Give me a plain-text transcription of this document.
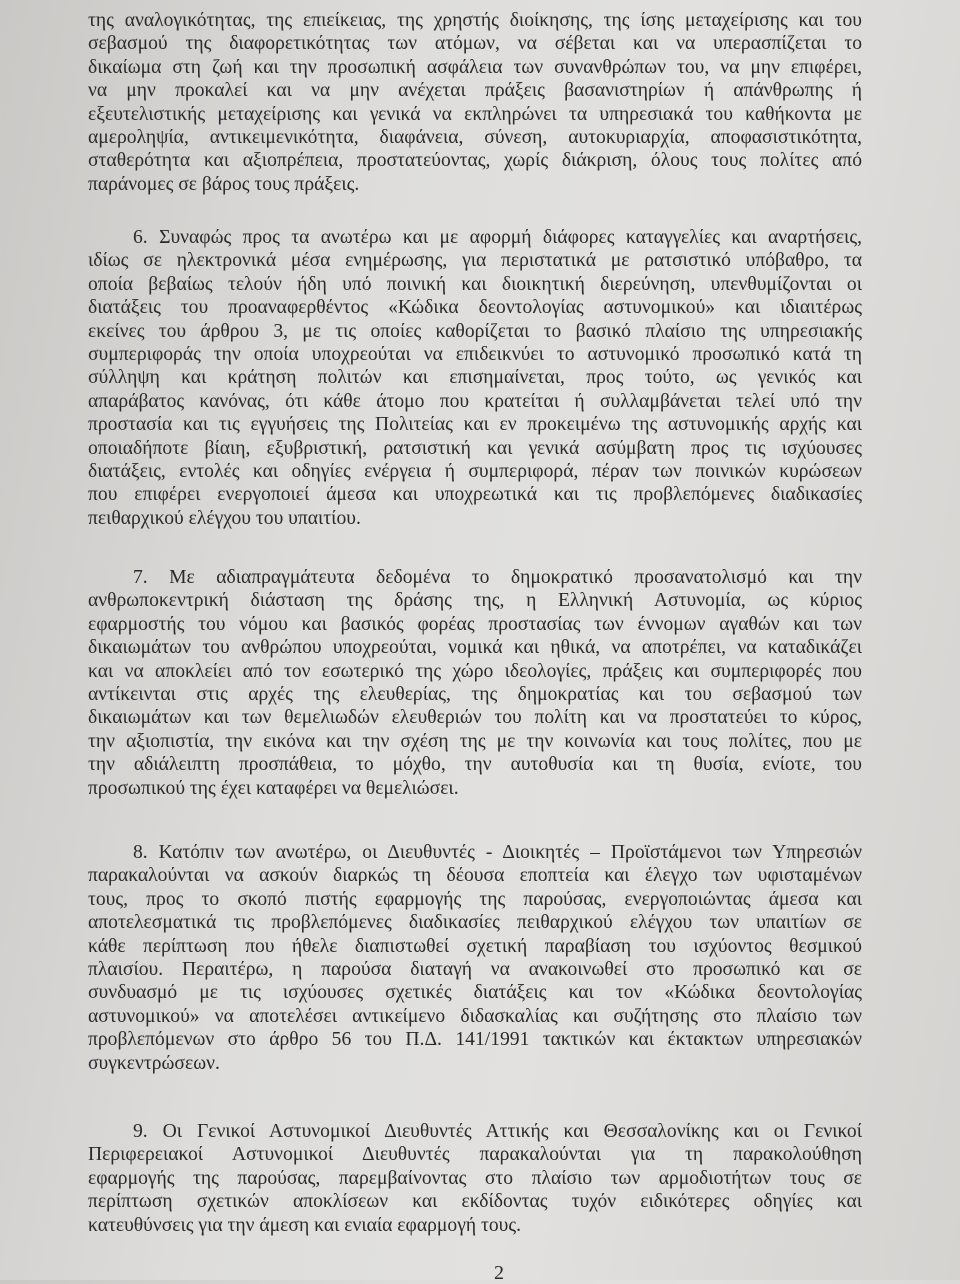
της αναλογικότητας, της επιείκειας, της χρηστής διοίκησης, της ίσης μεταχείρισης και του
σεβασμού της διαφορετικότητας των ατόμων, να σέβεται και να υπερασπίζεται το
δικαίωμα στη ζωή και την προσωπική ασφάλεια των συνανθρώπων του, να μην επιφέρει,
να μην προκαλεί και να μην ανέχεται πράξεις βασανιστηρίων ή απάνθρωπης ή
εξευτελιστικής μεταχείρισης και γενικά να εκπληρώνει τα υπηρεσιακά του καθήκοντα με
αμεροληψία, αντικειμενικότητα, διαφάνεια, σύνεση, αυτοκυριαρχία, αποφασιστικότητα,
σταθερότητα και αξιοπρέπεια, προστατεύοντας, χωρίς διάκριση, όλους τους πολίτες από
παράνομες σε βάρος τους πράξεις.
6. Συναφώς προς τα ανωτέρω και με αφορμή διάφορες καταγγελίες και αναρτήσεις,
ιδίως σε ηλεκτρονικά μέσα ενημέρωσης, για περιστατικά με ρατσιστικό υπόβαθρο, τα
οποία βεβαίως τελούν ήδη υπό ποινική και διοικητική διερεύνηση, υπενθυμίζονται οι
διατάξεις του προαναφερθέντος «Κώδικα δεοντολογίας αστυνομικού» και ιδιαιτέρως
εκείνες του άρθρου 3, με τις οποίες καθορίζεται το βασικό πλαίσιο της υπηρεσιακής
συμπεριφοράς την οποία υποχρεούται να επιδεικνύει το αστυνομικό προσωπικό κατά τη
σύλληψη και κράτηση πολιτών και επισημαίνεται, προς τούτο, ως γενικός και
απαράβατος κανόνας, ότι κάθε άτομο που κρατείται ή συλλαμβάνεται τελεί υπό την
προστασία και τις εγγυήσεις της Πολιτείας και εν προκειμένω της αστυνομικής αρχής και
οποιαδήποτε βίαιη, εξυβριστική, ρατσιστική και γενικά ασύμβατη προς τις ισχύουσες
διατάξεις, εντολές και οδηγίες ενέργεια ή συμπεριφορά, πέραν των ποινικών κυρώσεων
που επιφέρει ενεργοποιεί άμεσα και υποχρεωτικά και τις προβλεπόμενες διαδικασίες
πειθαρχικού ελέγχου του υπαιτίου.
7. Με αδιαπραγμάτευτα δεδομένα το δημοκρατικό προσανατολισμό και την
ανθρωποκεντρική διάσταση της δράσης της, η Ελληνική Αστυνομία, ως κύριος
εφαρμοστής του νόμου και βασικός φορέας προστασίας των έννομων αγαθών και των
δικαιωμάτων του ανθρώπου υποχρεούται, νομικά και ηθικά, να αποτρέπει, να καταδικάζει
και να αποκλείει από τον εσωτερικό της χώρο ιδεολογίες, πράξεις και συμπεριφορές που
αντίκεινται στις αρχές της ελευθερίας, της δημοκρατίας και του σεβασμού των
δικαιωμάτων και των θεμελιωδών ελευθεριών του πολίτη και να προστατεύει το κύρος,
την αξιοπιστία, την εικόνα και την σχέση της με την κοινωνία και τους πολίτες, που με
την αδιάλειπτη προσπάθεια, το μόχθο, την αυτοθυσία και τη θυσία, ενίοτε, του
προσωπικού της έχει καταφέρει να θεμελιώσει.
8. Κατόπιν των ανωτέρω, οι Διευθυντές - Διοικητές – Προϊστάμενοι των Υπηρεσιών
παρακαλούνται να ασκούν διαρκώς τη δέουσα εποπτεία και έλεγχο των υφισταμένων
τους, προς το σκοπό πιστής εφαρμογής της παρούσας, ενεργοποιώντας άμεσα και
αποτελεσματικά τις προβλεπόμενες διαδικασίες πειθαρχικού ελέγχου των υπαιτίων σε
κάθε περίπτωση που ήθελε διαπιστωθεί σχετική παραβίαση του ισχύοντος θεσμικού
πλαισίου. Περαιτέρω, η παρούσα διαταγή να ανακοινωθεί στο προσωπικό και σε
συνδυασμό με τις ισχύουσες σχετικές διατάξεις και τον «Κώδικα δεοντολογίας
αστυνομικού» να αποτελέσει αντικείμενο διδασκαλίας και συζήτησης στο πλαίσιο των
προβλεπόμενων στο άρθρο 56 του Π.Δ. 141/1991 τακτικών και έκτακτων υπηρεσιακών
συγκεντρώσεων.
9. Οι Γενικοί Αστυνομικοί Διευθυντές Αττικής και Θεσσαλονίκης και οι Γενικοί
Περιφερειακοί Αστυνομικοί Διευθυντές παρακαλούνται για τη παρακολούθηση
εφαρμογής της παρούσας, παρεμβαίνοντας στο πλαίσιο των αρμοδιοτήτων τους σε
περίπτωση σχετικών αποκλίσεων και εκδίδοντας τυχόν ειδικότερες οδηγίες και
κατευθύνσεις για την άμεση και ενιαία εφαρμογή τους.
2
